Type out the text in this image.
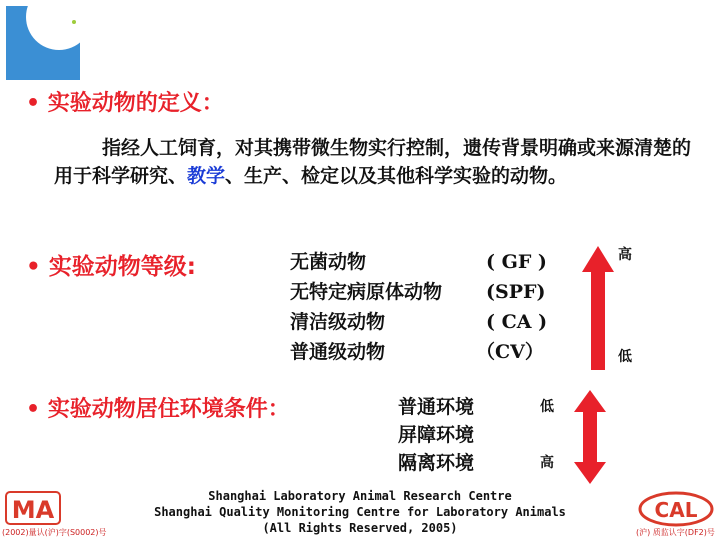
• 实验动物的定义：
指经人工饲育，对其携带微生物实行控制，遗传背景明确或来源清楚的用于科学研究、教学、生产、检定以及其他科学实验的动物。
• 实验动物等级:	无菌动物	( GF )
无特定病原体动物 (SPF)
清洁级动物	( CA )
普通级动物	（CV）
高
低
• 实验动物居住环境条件：	普通环境
屏障环境
隔离环境
低
高
MA
(2002)量认(沪)字(S0002)号
CAL
(沪) 质监认字(DF2)号
Shanghai Laboratory Animal Research Centre
Shanghai Quality Monitoring Centre for Laboratory Animals
(All Rights Reserved, 2005)
